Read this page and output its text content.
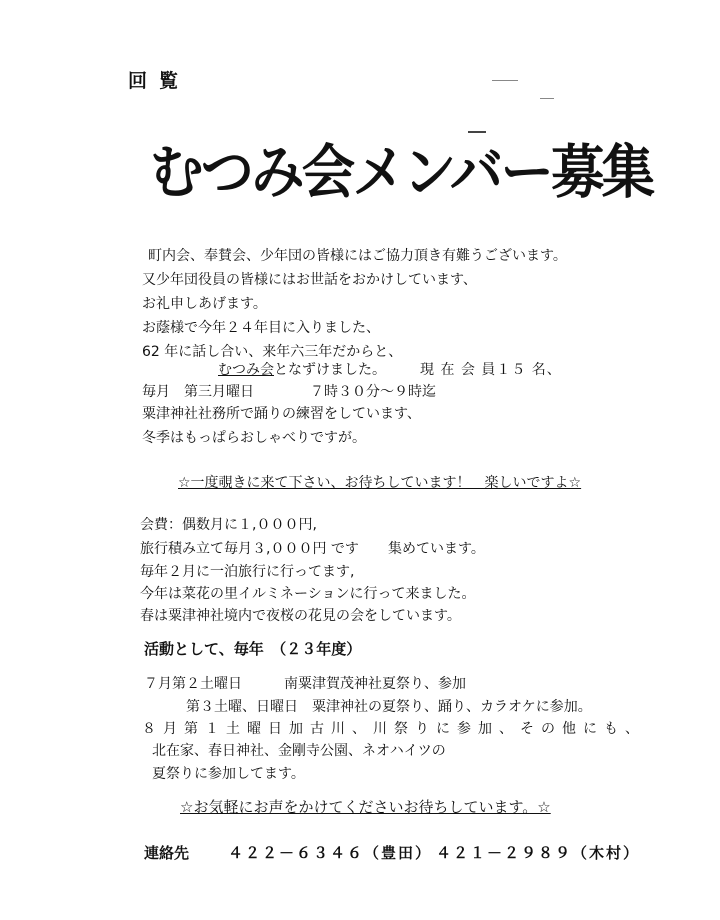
回覧
むつみ会メンバー募集
町内会、奉賛会、少年団の皆様にはご協力頂き有難うございます。
又少年団役員の皆様にはお世話をおかけしています、
お礼申しあげます。
お蔭様で今年２４年目に入りました、
62 年に話し合い、来年六三年だからと、
むつみ会となずけました。 現 在 会 員１５ 名、
毎月　第三月曜日	７時３０分～９時迄
粟津神社社務所で踊りの練習をしています、
冬季はもっぱらおしゃべりですが。
☆一度覗きに来て下さい、お待ちしています！　楽しいですよ☆
会費：偶数月に１,０００円,
旅行積み立て毎月３,０００円 です 集めています。
毎年２月に一泊旅行に行ってます,
今年は菜花の里イルミネーションに行って来ました。
春は粟津神社境内で夜桜の花見の会をしています。
活動として、毎年　（２３年度）
７月第２土曜日	南粟津賀茂神社夏祭り、参加
第３土曜、日曜日　粟津神社の夏祭り、踊り、カラオケに参加。
８月第１土曜日加古川、川祭りに参加、その他にも、
北在家、春日神社、金剛寺公園、ネオハイツの
夏祭りに参加してます。
☆お気軽にお声をかけてくださいお待ちしています。☆
連絡先	４２２－６３４６（豊田） ４２１－２９８９（木村）
